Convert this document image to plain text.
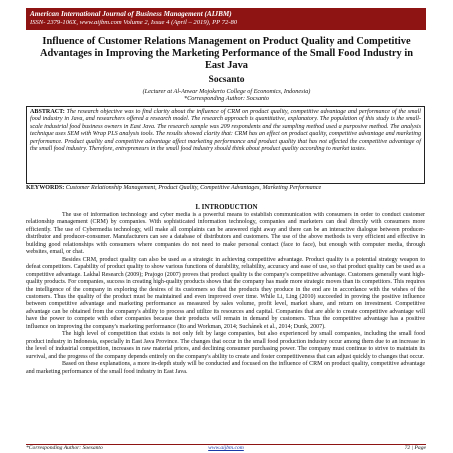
American International Journal of Business Management (AIJBM)
ISSN- 2379-106X, www.aijbm.com Volume 2, Issue 4 (April – 2019), PP 72-80
Influence of Customer Relations Management on Product Quality and Competitive Advantages in Improving the Marketing Performance of the Small Food Industry in East Java
Socsanto
(Lecturer at Al-Anwar Mojokerto College of Economics, Indonesia)
*Corresponding Author: Socsanto
ABSTRACT: The research objective was to find clarity about the influence of CRM on product quality, competitive advantage and performance of the small food industry in Java, and researchers offered a research model. The research approach is quantitative, explanatory. The population of this study is the small-scale industrial food business owners in East Java. The research sample was 209 respondents and the sampling method used a purposive method. The analysis technique uses SEM with Wrap PLS analysis tools. The results showed clarity that: CRM has an effect on product quality, competitive advantage and marketing performance. Product quality and competitive advantage affect marketing performance and product quality that has not affected the competitive advantage of the small food industry. Therefore, entrepreneurs in the small food industry should think about product quality according to market tastes.
KEYWORDS: Customer Relationship Management, Product Quality, Competitive Advantages, Marketing Performance
I. INTRODUCTION

The use of information technology and cyber media is a powerful means to establish communication with consumers in order to conduct customer relationship management (CRM) by companies. With sophisticated information technology, companies and marketers can deal directly with consumers more efficiently. The use of Cybermedia technology, will make all complaints can be answered right away and there can be an interactive dialogue between producer-distributor and producer-consumer. Manufacturers can see a database of distributors and customers. The use of the above methods is very efficient and effective in building good relationships with consumers where companies do not need to make personal contact (face to face), but enough with computer media, through websites, email, or chat.

Besides CRM, product quality can also be used as a strategic in achieving competitive advantage. Product quality is a potential strategy weapon to defeat competitors. Capability of product quality to show various functions of durability, reliability, accuracy and ease of use, so that product quality can be used as a competitive advantage. Lakhal Research (2009); Prajogo (2007) proves that product quality is the company's competitive advantage. Customers generally want high-quality products. For companies, success in creating high-quality products shows that the company has made more strategic moves than its competitors. This requires the intelligence of the company in exploring the desires of its customers so that the products they produce in the end are in accordance with the wishes of the customers. Thus the quality of the product must be maintained and even improved over time. While Li, Ling (2010) succeeded in proving the positive influence between competitive advantage and marketing performance as measured by sales volume, profit level, market share, and return on investment. Competitive advantage can be obtained from the company's ability to process and utilize its resources and capital. Companies that are able to create competitive advantage will have the power to compete with other companies because their products will remain in demand by customers. Thus the competitive advantage has a positive influence on improving the company's marketing performance (Ito and Workman, 2014; Suchánek et al., 2014; Dunk, 2007).

The high level of competition that exists is not only felt by large companies, but also experienced by small companies, including the small food product industry in Indonesia, especially in East Java Province. The changes that occur in the small food production industry occur among them due to an increase in the level of industrial competition, increases in raw material prices, and declining consumer purchasing power. The company must continue to strive to maintain its survival, and the progress of the company depends entirely on the company's ability to create and foster competitiveness that can adjust quickly to changes that occur.

Based on these explanations, a more in-depth study will be conducted and focused on the influence of CRM on product quality, competitive advantage and marketing performance of the small food industry in East Java.

*Corresponding Author: Soesanto	www.aijbm.com	72 | Page
